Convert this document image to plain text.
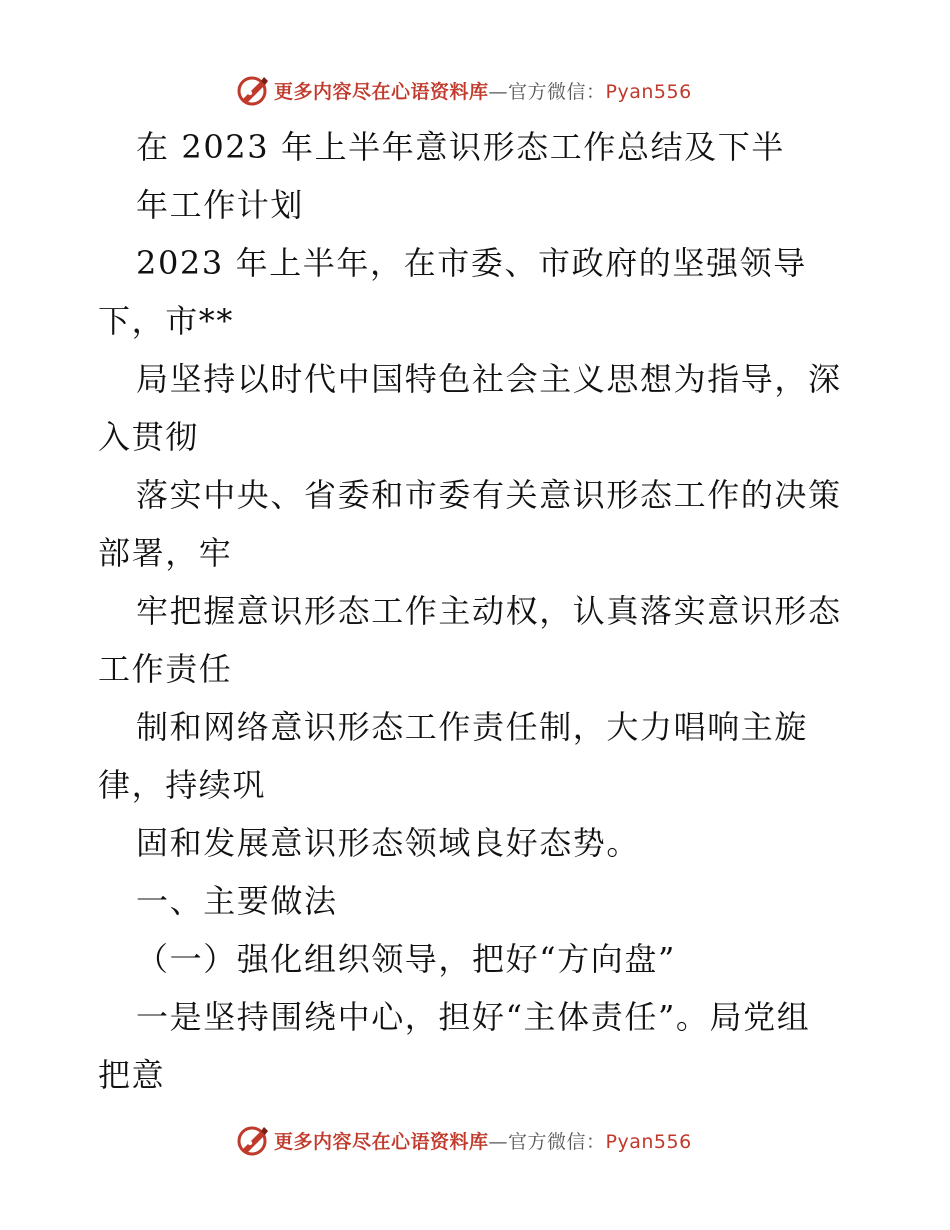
更多内容尽在心语资料库—官方微信：Pyan556
在 2023 年上半年意识形态工作总结及下半
年工作计划
2023 年上半年，在市委、市政府的坚强领导
下，市**
局坚持以时代中国特色社会主义思想为指导，深
入贯彻
落实中央、省委和市委有关意识形态工作的决策
部署，牢
牢把握意识形态工作主动权，认真落实意识形态
工作责任
制和网络意识形态工作责任制，大力唱响主旋
律，持续巩
固和发展意识形态领域良好态势。
一、主要做法
（一）强化组织领导，把好“方向盘”
一是坚持围绕中心，担好“主体责任”。局党组
把意
更多内容尽在心语资料库—官方微信：Pyan556
